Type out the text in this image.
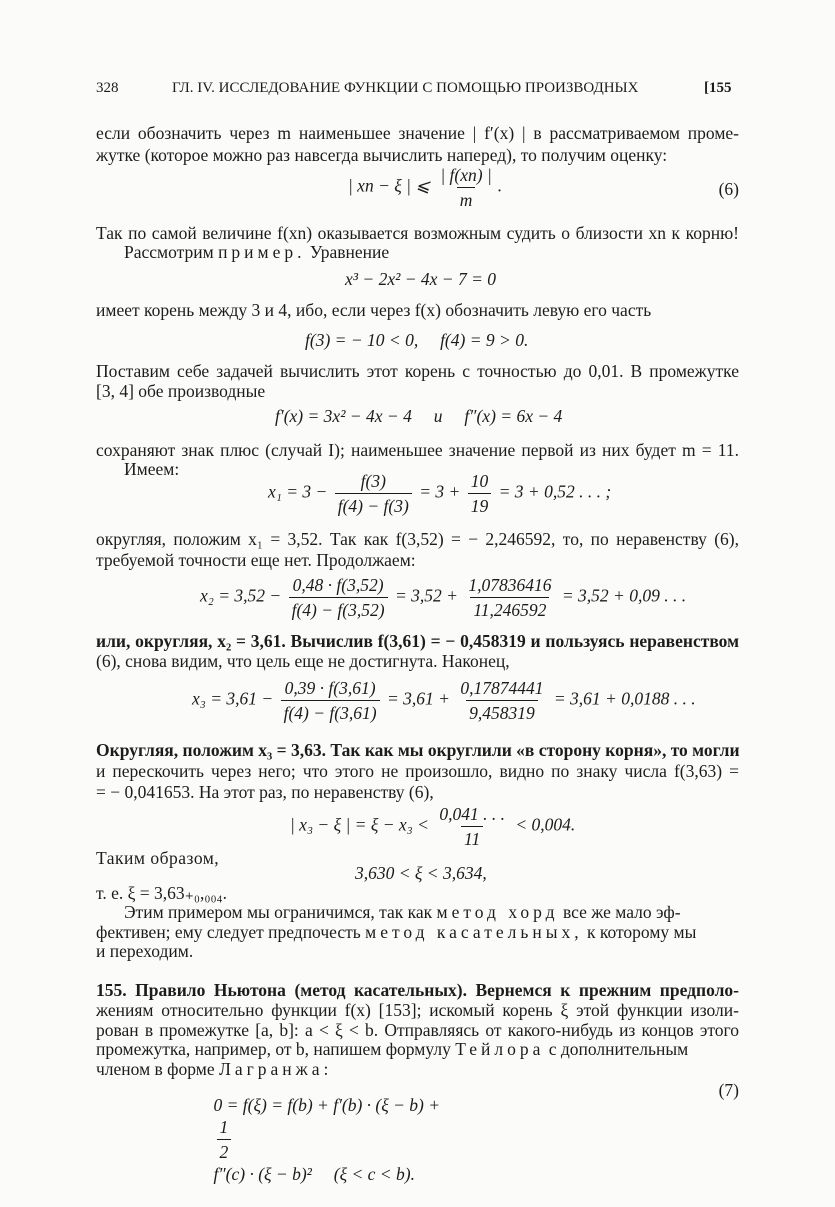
328	ГЛ. IV. ИССЛЕДОВАНИЕ ФУНКЦИИ С ПОМОЩЬЮ ПРОИЗВОДНЫХ	[155
если обозначить через m наименьшее значение | f′(x) | в рассматриваемом проме-
жутке (которое можно раз навсегда вычислить наперед), то получим оценку:
| xn − ξ | ⩽ $\frac{| f(xn) |}{m}$ .	(6)
Так по самой величине f(xn) оказывается возможным судить о близости xn к корню!
Рассмотрим пример. Уравнение
x³ − 2x² − 4x − 7 = 0
имеет корень между 3 и 4, ибо, если через f(x) обозначить левую его часть
f(3) = − 10 < 0,     f(4) = 9 > 0.
Поставим себе задачей вычислить этот корень с точностью до 0,01. В промежутке
[3, 4] обе производные
f′(x) = 3x² − 4x − 4     и     f″(x) = 6x − 4
сохраняют знак плюс (случай I); наименьшее значение первой из них будет m = 11.
Имеем:
$x_1 = 3 - \frac{f(3)}{f(4) - f(3)} = 3 + \frac{10}{19} = 3 + 0,52$ . . . ;
округляя, положим x₁ = 3,52. Так как f(3,52) = − 2,246592, то, по неравенству (6),
требуемой точности еще нет. Продолжаем:
$x_2 = 3,52 - \frac{0,48 \cdot f(3,52)}{f(4) - f(3,52)} = 3,52 + \frac{1,07836416}{11,246592} = 3,52 + 0,09$ . . .
или, округляя, x₂ = 3,61. Вычислив f(3,61) = − 0,458319 и пользуясь неравенством
(6), снова видим, что цель еще не достигнута. Наконец,
$x_3 = 3,61 - \frac{0,39 \cdot f(3,61)}{f(4) - f(3,61)} = 3,61 + \frac{0,17874441}{9,458319} = 3,61 + 0,0188$ . . .
Округляя, положим x₃ = 3,63. Так как мы округлили «в сторону корня», то могли
и перескочить через него; что этого не произошло, видно по знаку числа f(3,63) =
= − 0,041653. На этот раз, по неравенству (6),
| x₃ − ξ | = $\xi - x_3 < \frac{0,041 . . .}{11} < 0,004$.
Таким образом,
3,630 < ξ < 3,634,
т. е. ξ = 3,63₊₀,₀₀₄.
Этим примером мы ограничимся, так как метод хорд все же мало эф-
фективен; ему следует предпочесть метод касательных, к которому мы
и переходим.
155. Правило Ньютона (метод касательных). Вернемся к прежним предполо-
жениям относительно функции f(x) [153]; искомый корень ξ этой функции изоли-
рован в промежутке [a, b]: a < ξ < b. Отправляясь от какого-нибудь из концов этого
промежутка, например, от b, напишем формулу Тейлора с дополнительным
членом в форме Лагранжа:

0 = f(ξ) = f(b) + f′(b) · (ξ − b) +

$\frac{1}{2}$

f″(c) · (ξ − b)²     (ξ < c < b).

(7)
